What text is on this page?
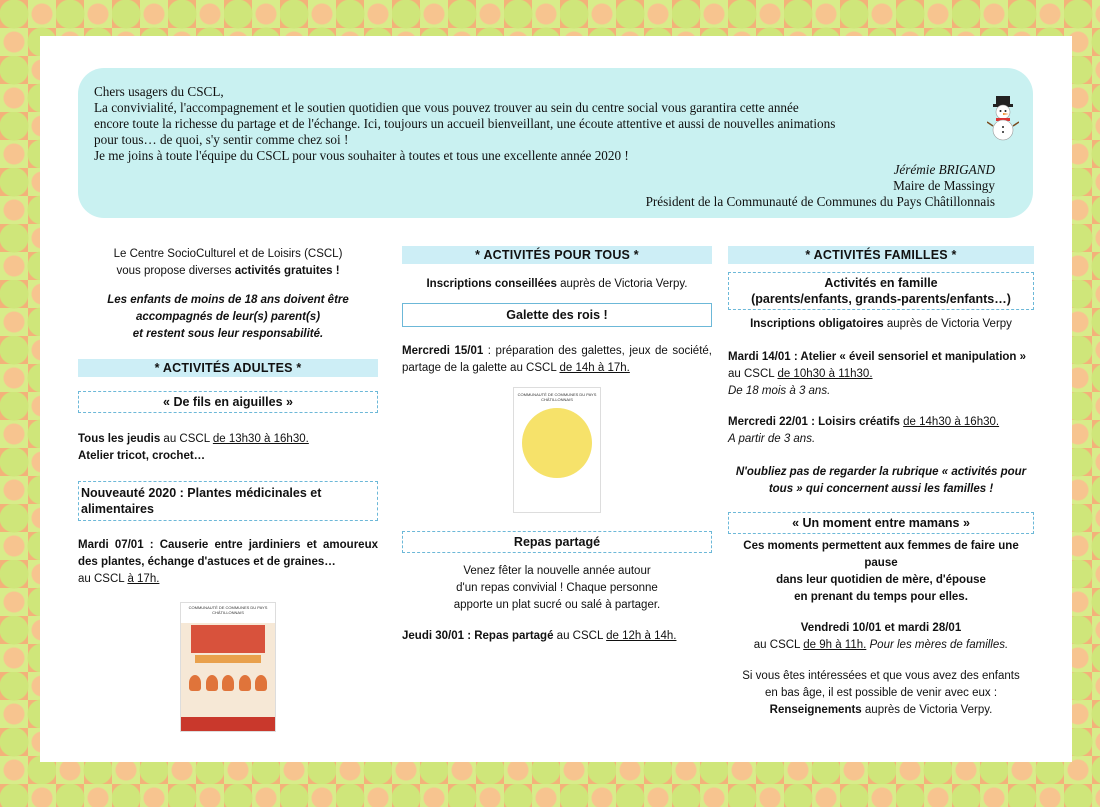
Chers usagers du CSCL,
La convivialité, l'accompagnement et le soutien quotidien que vous pouvez trouver au sein du centre social vous garantira cette année
encore toute la richesse du partage et de l'échange. Ici, toujours un accueil bienveillant, une écoute attentive et aussi de nouvelles animations
pour tous… de quoi, s'y sentir comme chez soi !
Je me joins à toute l'équipe du CSCL pour vous souhaiter à toutes et tous une excellente année 2020 !
Jérémie BRIGAND
Maire de Massingy
Président de la Communauté de Communes du Pays Châtillonnais
Le Centre SocioCulturel et de Loisirs (CSCL)
vous propose diverses activités gratuites !
Les enfants de moins de 18 ans doivent être
accompagnés de leur(s) parent(s)
et restent sous leur responsabilité.
* ACTIVITÉS ADULTES *
« De fils en aiguilles »
Tous les jeudis au CSCL de 13h30 à 16h30.
Atelier tricot, crochet…
Nouveauté 2020 : Plantes médicinales et alimentaires
Mardi 07/01 : Causerie entre jardiniers et amoureux des plantes, échange d'astuces et de graines…
au CSCL à 17h.
COMMUNAUTÉ DE COMMUNES DU PAYS CHÂTILLONNAIS
* ACTIVITÉS POUR TOUS *
Inscriptions conseillées auprès de Victoria Verpy.
Galette des rois !
Mercredi 15/01 : préparation des galettes, jeux de société, partage de la galette au CSCL de 14h à 17h.
COMMUNAUTÉ DE COMMUNES DU PAYS CHÂTILLONNAIS
Repas partagé
Venez fêter la nouvelle année autour
d'un repas convivial ! Chaque personne
apporte un plat sucré ou salé à partager.
Jeudi 30/01 : Repas partagé au CSCL de 12h à 14h.
* ACTIVITÉS FAMILLES *
Activités en famille
(parents/enfants, grands-parents/enfants…)
Inscriptions obligatoires auprès de Victoria Verpy
Mardi 14/01 : Atelier « éveil sensoriel et manipulation »
au CSCL de 10h30 à 11h30.
De 18 mois à 3 ans.
Mercredi 22/01 : Loisirs créatifs de 14h30 à 16h30.
A partir de 3 ans.
N'oubliez pas de regarder la rubrique « activités pour
tous » qui concernent aussi les familles !
« Un moment entre mamans »
Ces moments permettent aux femmes de faire une pause
dans leur quotidien de mère, d'épouse
en prenant du temps pour elles.
Vendredi 10/01 et mardi 28/01
au CSCL de 9h à 11h. Pour les mères de familles.
Si vous êtes intéressées et que vous avez des enfants
en bas âge, il est possible de venir avec eux :
Renseignements auprès de Victoria Verpy.
